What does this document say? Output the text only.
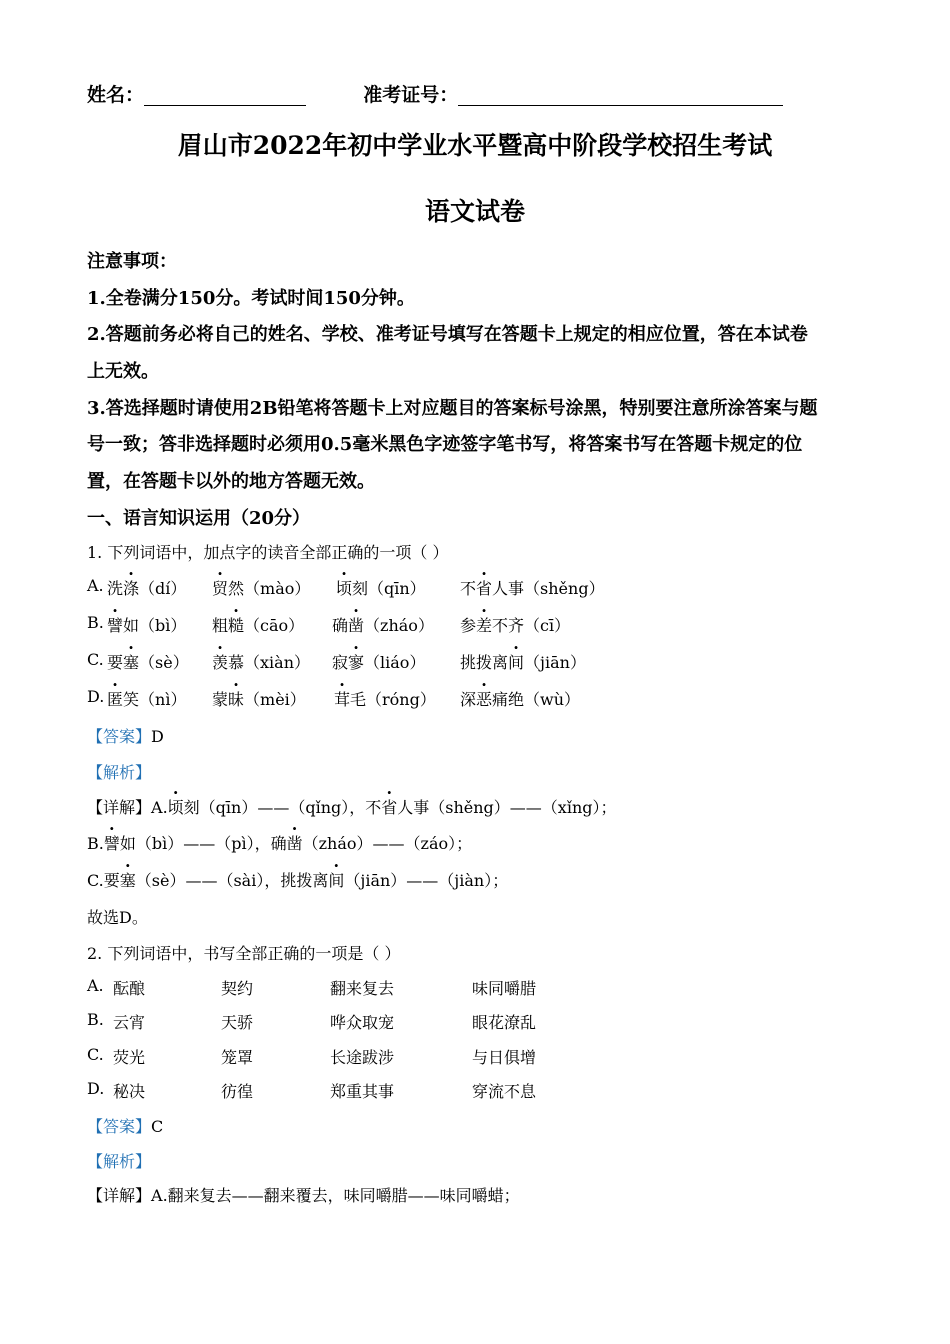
姓名：	准考证号：
眉山市2022年初中学业水平暨高中阶段学校招生考试
语文试卷
注意事项：
1.全卷满分150分。考试时间150分钟。
2.答题前务必将自己的姓名、学校、准考证号填写在答题卡上规定的相应位置，答在本试卷
上无效。
3.答选择题时请使用2B铅笔将答题卡上对应题目的答案标号涂黑，特别要注意所涂答案与题
号一致；答非选择题时必须用0.5毫米黑色字迹签字笔书写，将答案书写在答题卡规定的位
置，在答题卡以外的地方答题无效。
一、语言知识运用（20分）
1. 下列词语中，加点字的读音全部正确的一项（ ）
A. 洗涤（dí） 贸然（mào） 顷刻（qīn） 不省人事（shěng）
B. 譬如（bì） 粗糙（cāo） 确凿（zháo） 参差不齐（cī）
C. 要塞（sè） 羡慕（xiàn） 寂寥（liáo） 挑拨离间（jiān）
D. 匿笑（nì） 蒙昧（mèi） 茸毛（róng） 深恶痛绝（wù）
【答案】D
【解析】
【详解】A.顷刻（qīn）——（qǐng），不省人事（shěng）——（xǐng）；
B.譬如（bì）——（pì），确凿（zháo）——（záo）；
C.要塞（sè）——（sài），挑拨离间（jiān）——（jiàn）；
故选D。
2. 下列词语中，书写全部正确的一项是（ ）
A. 酝酿	契约	翻来复去	味同嚼腊
B. 云宵	天骄	哗众取宠	眼花潦乱
C. 荧光	笼罩	长途跋涉	与日俱增
D. 秘决	彷徨	郑重其事	穿流不息
【答案】C
【解析】
【详解】A.翻来复去——翻来覆去，味同嚼腊——味同嚼蜡；
